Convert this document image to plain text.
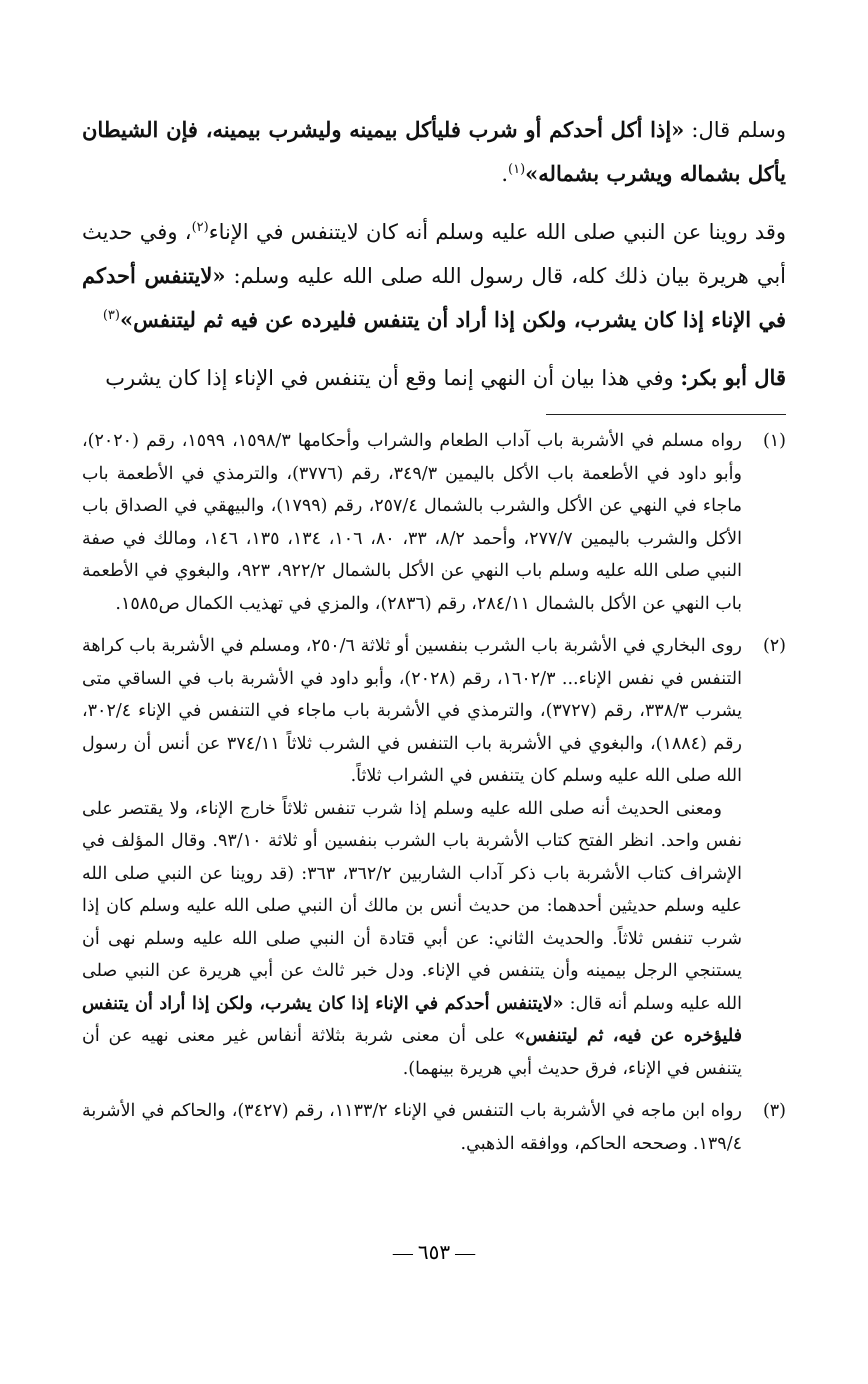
وسلم قال: «إذا أكل أحدكم أو شرب فليأكل بيمينه وليشرب بيمينه، فإن الشيطان يأكل بشماله ويشرب بشماله»$^{(١)}$.

وقد روينا عن النبي صلى الله عليه وسلم أنه كان لايتنفس في الإناء$^{(٢)}$، وفي حديث أبي هريرة بيان ذلك كله، قال رسول الله صلى الله عليه وسلم: «لايتنفس أحدكم في الإناء إذا كان يشرب، ولكن إذا أراد أن يتنفس فليرده عن فيه ثم ليتنفس»$^{(٣)}$

قال أبو بكر: وفي هذا بيان أن النهي إنما وقع أن يتنفس في الإناء إذا كان يشرب

(١)

رواه مسلم في الأشربة باب آداب الطعام والشراب وأحكامها ١٥٩٨/٣، ١٥٩٩، رقم (٢٠٢٠)، وأبو داود في الأطعمة باب الأكل باليمين ٣٤٩/٣، رقم (٣٧٧٦)، والترمذي في الأطعمة باب ماجاء في النهي عن الأكل والشرب بالشمال ٢٥٧/٤، رقم (١٧٩٩)، والبيهقي في الصداق باب الأكل والشرب باليمين ٢٧٧/٧، وأحمد ٨/٢، ٣٣، ٨٠، ١٠٦، ١٣٤، ١٣٥، ١٤٦، ومالك في صفة النبي صلى الله عليه وسلم باب النهي عن الأكل بالشمال ٩٢٢/٢، ٩٢٣، والبغوي في الأطعمة باب النهي عن الأكل بالشمال ٢٨٤/١١، رقم (٢٨٣٦)، والمزي في تهذيب الكمال ص١٥٨٥.

(٢)

روى البخاري في الأشربة باب الشرب بنفسين أو ثلاثة ٢٥٠/٦، ومسلم في الأشربة باب كراهة التنفس في نفس الإناء... ١٦٠٢/٣، رقم (٢٠٢٨)، وأبو داود في الأشربة باب في الساقي متى يشرب ٣٣٨/٣، رقم (٣٧٢٧)، والترمذي في الأشربة باب ماجاء في التنفس في الإناء ٣٠٢/٤، رقم (١٨٨٤)، والبغوي في الأشربة باب التنفس في الشرب ثلاثاً ٣٧٤/١١ عن أنس أن رسول الله صلى الله عليه وسلم كان يتنفس في الشراب ثلاثاً.

ومعنى الحديث أنه صلى الله عليه وسلم إذا شرب تنفس ثلاثاً خارج الإناء، ولا يقتصر على نفس واحد. انظر الفتح كتاب الأشربة باب الشرب بنفسين أو ثلاثة ٩٣/١٠. وقال المؤلف في الإشراف كتاب الأشربة باب ذكر آداب الشاربين ٣٦٢/٢، ٣٦٣: (قد روينا عن النبي صلى الله عليه وسلم حديثين أحدهما: من حديث أنس بن مالك أن النبي صلى الله عليه وسلم كان إذا شرب تنفس ثلاثاً. والحديث الثاني: عن أبي قتادة أن النبي صلى الله عليه وسلم نهى أن يستنجي الرجل بيمينه وأن يتنفس في الإناء. ودل خبر ثالث عن أبي هريرة عن النبي صلى الله عليه وسلم أنه قال: «لايتنفس أحدكم في الإناء إذا كان يشرب، ولكن إذا أراد أن يتنفس فليؤخره عن فيه، ثم ليتنفس» على أن معنى شربة بثلاثة أنفاس غير معنى نهيه عن أن يتنفس في الإناء، فرق حديث أبي هريرة بينهما).

(٣)

رواه ابن ماجه في الأشربة باب التنفس في الإناء ١١٣٣/٢، رقم (٣٤٢٧)، والحاكم في الأشربة ١٣٩/٤. وصححه الحاكم، ووافقه الذهبي.

— ٦٥٣ —
